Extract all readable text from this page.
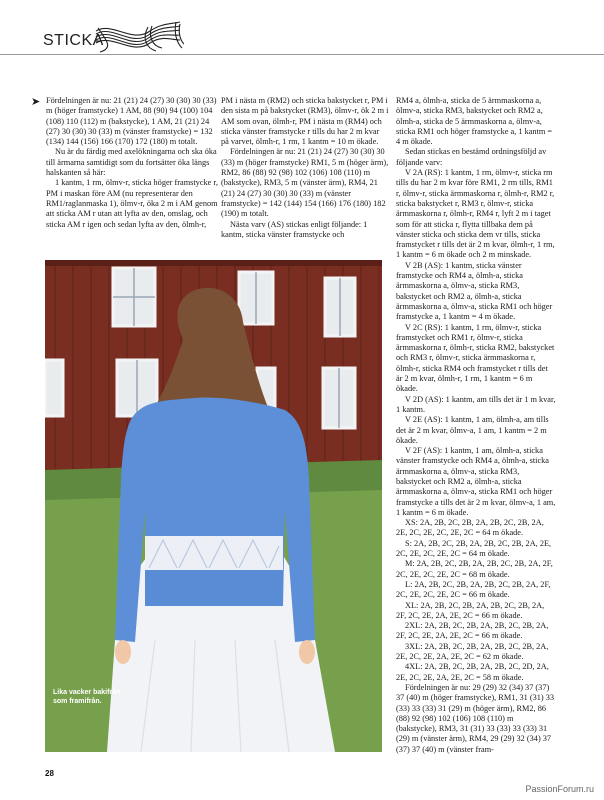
STICKA
➤ Fördelningen är nu: 21 (21) 24 (27) 30 (30) 30 (33) m (höger framstycke) 1 AM, 88 (90) 94 (100) 104 (108) 110 (112) m (bakstycke), 1 AM, 21 (21) 24 (27) 30 (30) 30 (33) m (vänster framstycke) = 132 (134) 144 (156) 166 (170) 172 (180) m totalt.

Nu är du färdig med axelökningarna och ska öka till ärmarna samtidigt som du fortsätter öka längs halskanten så här:

1 kantm, 1 rm, ölmv-r, sticka höger framstycke r, PM i maskan före AM (nu representerar den RM1/raglanmaska 1), ölmv-r, öka 2 m i AM genom att sticka AM r utan att lyfta av den, omslag, och sticka AM r igen och sedan lyfta av den, ölmh-r,

PM i nästa m (RM2) och sticka bakstycket r, PM i den sista m på bakstycket (RM3), ölmv-r, ök 2 m i AM som ovan, ölmh-r, PM i nästa m (RM4) och sticka vänster framstycke r tills du har 2 m kvar på varvet, ölmh-r, 1 rm, 1 kantm = 10 m ökade.

Fördelningen är nu: 21 (21) 24 (27) 30 (30) 30 (33) m (höger framstycke) RM1, 5 m (höger ärm), RM2, 86 (88) 92 (98) 102 (106) 108 (110) m (bakstycke), RM3, 5 m (vänster ärm), RM4, 21 (21) 24 (27) 30 (30) 30 (33) m (vänster framstycke) = 142 (144) 154 (166) 176 (180) 182 (190) m totalt.

Nästa varv (AS) stickas enligt följande: 1 kantm, sticka vänster framstycke och

RM4 a, ölmh-a, sticka de 5 ärmmaskorna a, ölmv-a, sticka RM3, bakstycket och RM2 a, ölmh-a, sticka de 5 ärmmaskorna a, ölmv-a, sticka RM1 och höger framstycke a, 1 kantm = 4 m ökade.

Sedan stickas en bestämd ordningsföljd av följande varv:

V 2A (RS): 1 kantm, 1 rm, ölmv-r, sticka rm tills du har 2 m kvar före RM1, 2 rm tills, RM1 r, ölmv-r, sticka ärmmaskorna r, ölmh-r, RM2 r, sticka bakstycket r, RM3 r, ölmv-r, sticka ärmmaskorna r, ölmh-r, RM4 r, lyft 2 m i taget som för att sticka r, flytta tillbaka dem på vänster sticka och sticka dem vr tills, sticka framstycket r tills det är 2 m kvar, ölmh-r, 1 rm, 1 kantm = 6 m ökade och 2 m minskade.

V 2B (AS): 1 kantm, sticka vänster framstycke och RM4 a, ölmh-a, sticka ärmmaskorna a, ölmv-a, sticka RM3, bakstycket och RM2 a, ölmh-a, sticka ärmmaskorna a, ölmv-a, sticka RM1 och höger framstycke a, 1 kantm = 4 m ökade.

V 2C (RS): 1 kantm, 1 rm, ölmv-r, sticka framstycket och RM1 r, ölmv-r, sticka ärmmaskorna r, ölmh-r, sticka RM2, bakstycket och RM3 r, ölmv-r, sticka ärmmaskorna r, ölmh-r, sticka RM4 och framstycket r tills det är 2 m kvar, ölmh-r, 1 rm, 1 kantm = 6 m ökade.

V 2D (AS): 1 kantm, am tills det är 1 m kvar, 1 kantm.

V 2E (AS): 1 kantm, 1 am, ölmh-a, am tills det är 2 m kvar, ölmv-a, 1 am, 1 kantm = 2 m ökade.

V 2F (AS): 1 kantm, 1 am, ölmh-a, sticka vänster framstycke och RM4 a, ölmh-a, sticka ärmmaskorna a, ölmv-a, sticka RM3, bakstycket och RM2 a, ölmh-a, sticka ärmmaskorna a, ölmv-a, sticka RM1 och höger framstycke a tills det är 2 m kvar, ölmv-a, 1 am, 1 kantm = 6 m ökade.

XS: 2A, 2B, 2C, 2B, 2A, 2B, 2C, 2B, 2A, 2E, 2C, 2E, 2C, 2E, 2C = 64 m ökade.

S: 2A, 2B, 2C, 2B, 2A, 2B, 2C, 2B, 2A, 2E, 2C, 2E, 2C, 2E, 2C = 64 m ökade.

M: 2A, 2B, 2C, 2B, 2A, 2B, 2C, 2B, 2A, 2F, 2C, 2E, 2C, 2E, 2C = 68 m ökade.

L: 2A, 2B, 2C, 2B, 2A, 2B, 2C, 2B, 2A, 2F, 2C, 2E, 2C, 2E, 2C = 66 m ökade.

XL: 2A, 2B, 2C, 2B, 2A, 2B, 2C, 2B, 2A, 2F, 2C, 2E, 2A, 2E, 2C = 66 m ökade.

2XL: 2A, 2B, 2C, 2B, 2A, 2B, 2C, 2B, 2A, 2F, 2C, 2E, 2A, 2E, 2C = 66 m ökade.

3XL: 2A, 2B, 2C, 2B, 2A, 2B, 2C, 2B, 2A, 2E, 2C, 2E, 2A, 2E, 2C = 62 m ökade.

4XL: 2A, 2B, 2C, 2B, 2A, 2B, 2C, 2D, 2A, 2E, 2C, 2E, 2A, 2E, 2C = 58 m ökade.

Fördelningen är nu: 29 (29) 32 (34) 37 (37) 37 (40) m (höger framstycke), RM1, 31 (31) 33 (33) 33 (33) 31 (29) m (höger ärm), RM2, 86 (88) 92 (98) 102 (106) 108 (110) m (bakstycke), RM3, 31 (31) 33 (33) 33 (33) 31 (29) m (vänster ärm), RM4, 29 (29) 32 (34) 37 (37) 37 (40) m (vänster fram-

Lika vacker bakifrån som framifrån.
28
PassionForum.ru
